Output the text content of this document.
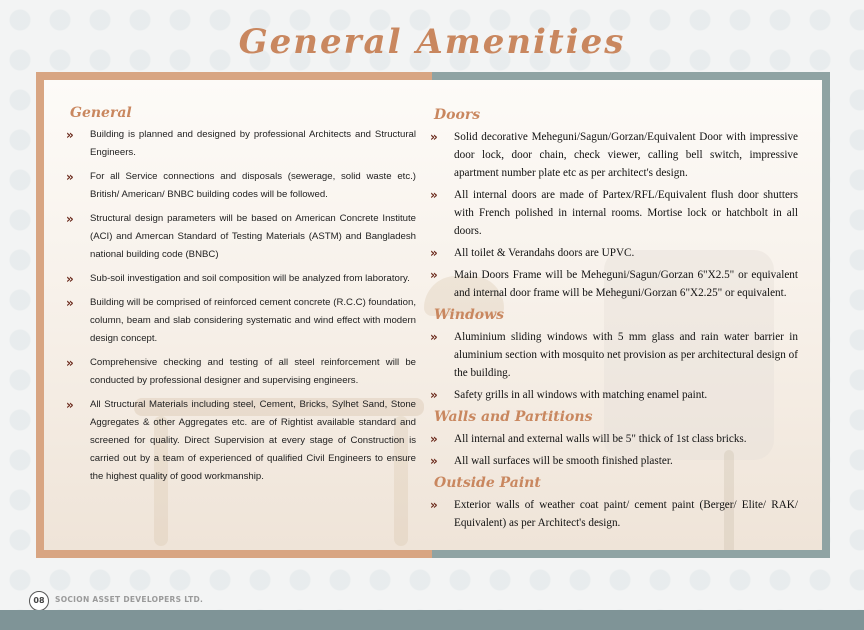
General Amenities
General
» Building is planned and designed by professional Architects and Structural Engineers.
» For all Service connections and disposals (sewerage, solid waste etc.) British/ American/ BNBC building codes will be followed.
» Structural design parameters will be based on American Concrete Institute (ACI) and Amercan Standard of Testing Materials (ASTM) and Bangladesh national building code (BNBC)
» Sub-soil investigation and soil composition will be analyzed from laboratory.
» Building will be comprised of reinforced cement concrete (R.C.C) foundation, column, beam and slab considering systematic and wind effect with modern design concept.
» Comprehensive checking and testing of all steel reinforcement will be conducted by professional designer and supervising engineers.
» All Structural Materials including steel, Cement, Bricks, Sylhet Sand, Stone Aggregates & other Aggregates etc. are of Rightist available standard and screened for quality. Direct Supervision at every stage of Construction is carried out by a team of experienced of qualified Civil Engineers to ensure the highest quality of good workmanship.
Doors
» Solid decorative Meheguni/Sagun/Gorzan/Equivalent Door with impressive door lock, door chain, check viewer, calling bell switch, impressive apartment number plate etc as per architect's design.
» All internal doors are made of Partex/RFL/Equivalent flush door shutters with French polished in internal rooms. Mortise lock or hatchbolt in all doors.
» All toilet & Verandahs doors are UPVC.
» Main Doors Frame will be Meheguni/Sagun/Gorzan 6"X2.5" or equivalent and internal door frame will be Meheguni/Gorzan 6"X2.25" or equivalent.
Windows
» Aluminium sliding windows with 5 mm glass and rain water barrier in aluminium section with mosquito net provision as per architectural design of the building.
» Safety grills in all windows with matching enamel paint.
Walls and Partitions
» All internal and external walls will be 5" thick of 1st class bricks.
» All wall surfaces will be smooth finished plaster.
Outside Paint
» Exterior walls of weather coat paint/ cement paint (Berger/ Elite/ RAK/ Equivalent) as per Architect's design.
08	SOCION ASSET DEVELOPERS LTD.
